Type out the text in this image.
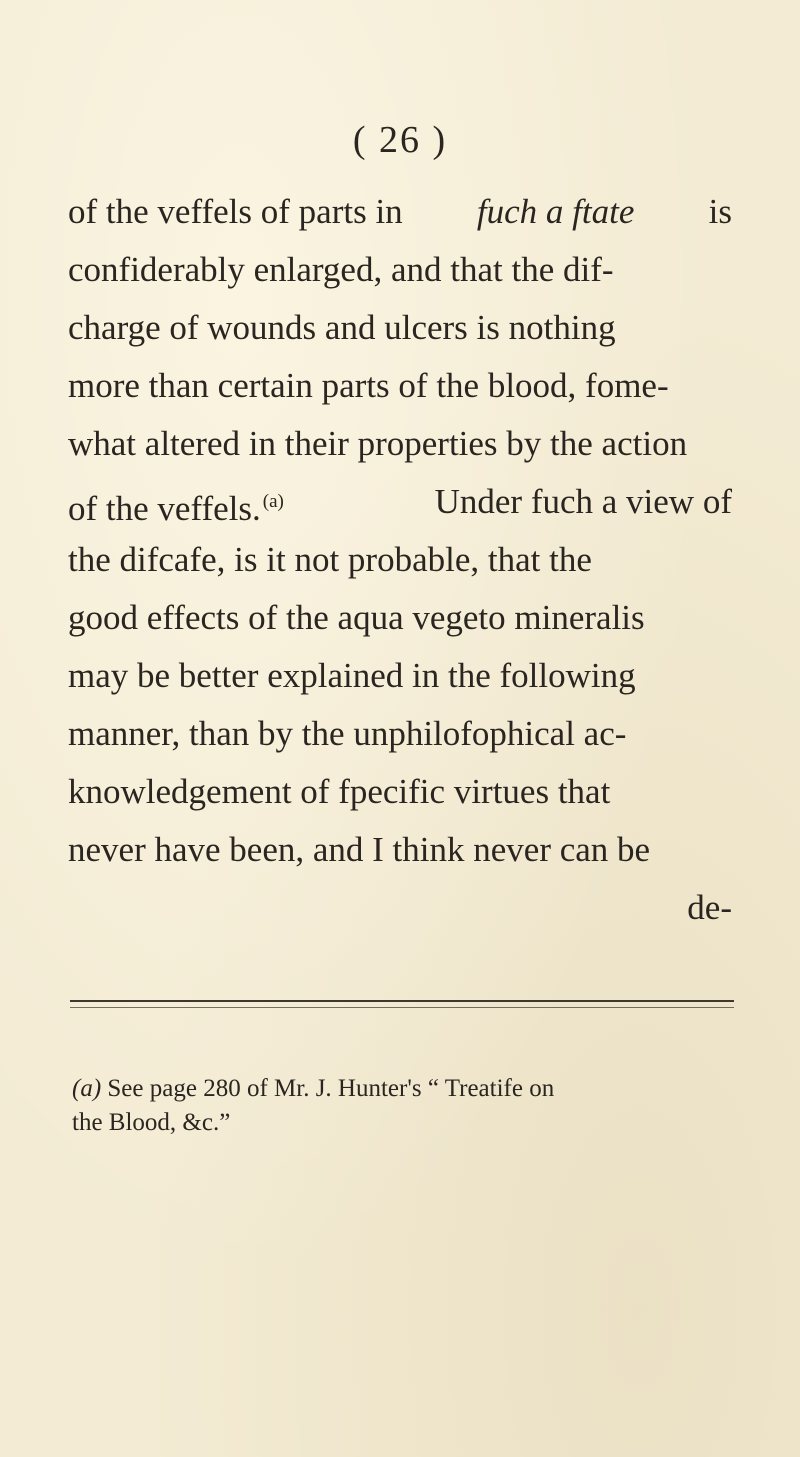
( 26 )
of the veffels of parts in fuch a ftate is
confiderably enlarged, and that the dif-
charge of wounds and ulcers is nothing
more than certain parts of the blood, fome-
what altered in their properties by the action
of the veffels. $^{(a)}$	Under fuch a view of
the difcafe, is it not probable, that the
good effects of the aqua vegeto mineralis
may be better explained in the following
manner, than by the unphilofophical ac-
knowledgement of fpecific virtues that
never have been, and I think never can be
de-
(a) See page 280 of Mr. J. Hunter's “ Treatife on
the Blood, &c.”
